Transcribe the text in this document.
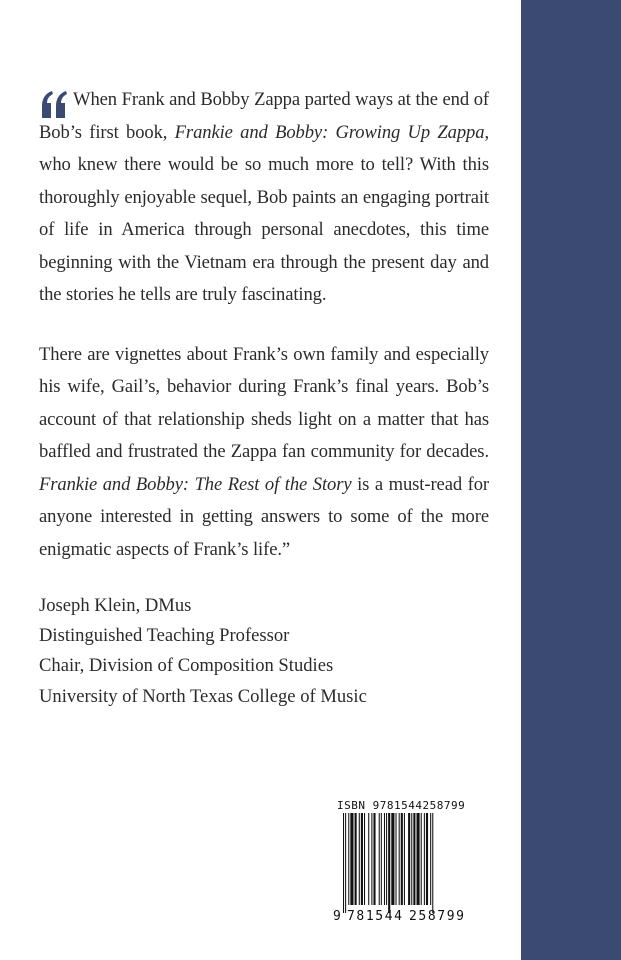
When Frank and Bobby Zappa parted ways at the end of Bob’s first book, Frankie and Bobby: Growing Up Zappa, who knew there would be so much more to tell? With this thoroughly enjoyable sequel, Bob paints an engaging portrait of life in America through personal anecdotes, this time beginning with the Vietnam era through the present day and the stories he tells are truly fascinating.

There are vignettes about Frank’s own family and especially his wife, Gail’s, behavior during Frank’s final years. Bob’s account of that relationship sheds light on a matter that has baffled and frustrated the Zappa fan community for decades. Frankie and Bobby: The Rest of the Story is a must-read for anyone interested in getting answers to some of the more enigmatic aspects of Frank’s life.”

Joseph Klein, DMus
Distinguished Teaching Professor
Chair, Division of Composition Studies
University of North Texas College of Music
ISBN 9781544258799
9 781544 258799
